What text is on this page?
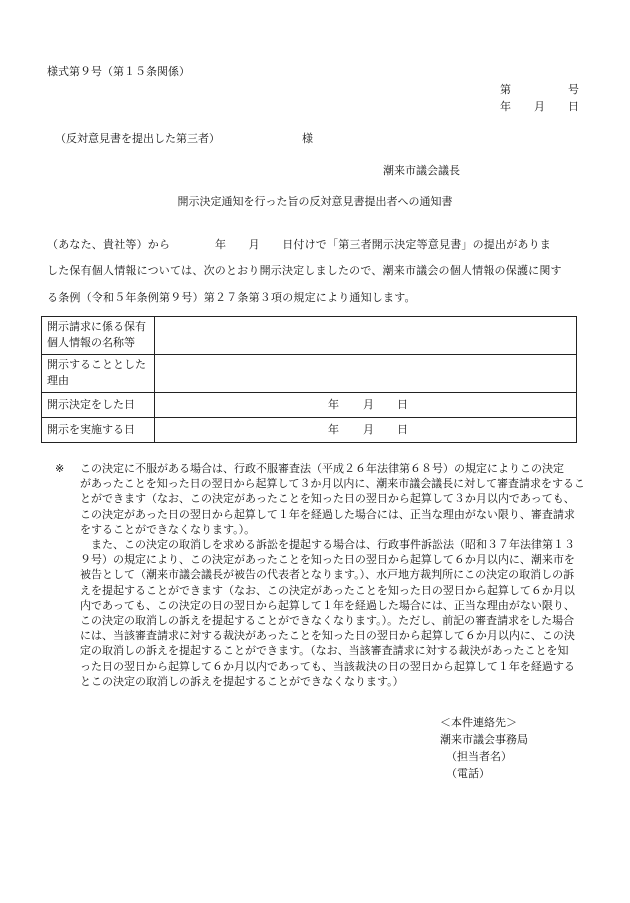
様式第９号（第１５条関係）
第	号
年 月 日
（反対意見書を提出した第三者）	様
潮来市議会議長
開示決定通知を行った旨の反対意見書提出者への通知書
（あなた、貴社等）から　　　　年　　月　　日付けで「第三者開示決定等意見書」の提出がありま
した保有個人情報については、次のとおり開示決定しましたので、潮来市議会の個人情報の保護に関す
る条例（令和５年条例第９号）第２７条第３項の規定により通知します。
開示請求に係る保有
個人情報の名称等	

開示することとした
理由	

開示決定をした日	年 月 日

開示を実施する日	年 月 日
※ この決定に不服がある場合は、行政不服審査法（平成２６年法律第６８号）の規定によりこの決定
があったことを知った日の翌日から起算して３か月以内に、潮来市議会議長に対して審査請求をするこ
とができます（なお、この決定があったことを知った日の翌日から起算して３か月以内であっても、
この決定があった日の翌日から起算して１年を経過した場合には、正当な理由がない限り、審査請求
をすることができなくなります。）。
　また、この決定の取消しを求める訴訟を提起する場合は、行政事件訴訟法（昭和３７年法律第１３
９号）の規定により、この決定があったことを知った日の翌日から起算して６か月以内に、潮来市を
被告として（潮来市議会議長が被告の代表者となります。）、水戸地方裁判所にこの決定の取消しの訴
えを提起することができます（なお、この決定があったことを知った日の翌日から起算して６か月以
内であっても、この決定の日の翌日から起算して１年を経過した場合には、正当な理由がない限り、
この決定の取消しの訴えを提起することができなくなります。）。ただし、前記の審査請求をした場合
には、当該審査請求に対する裁決があったことを知った日の翌日から起算して６か月以内に、この決
定の取消しの訴えを提起することができます。（なお、当該審査請求に対する裁決があったことを知
った日の翌日から起算して６か月以内であっても、当該裁決の日の翌日から起算して１年を経過する
とこの決定の取消しの訴えを提起することができなくなります。）
＜本件連絡先＞
潮来市議会事務局
（担当者名）
（電話）
